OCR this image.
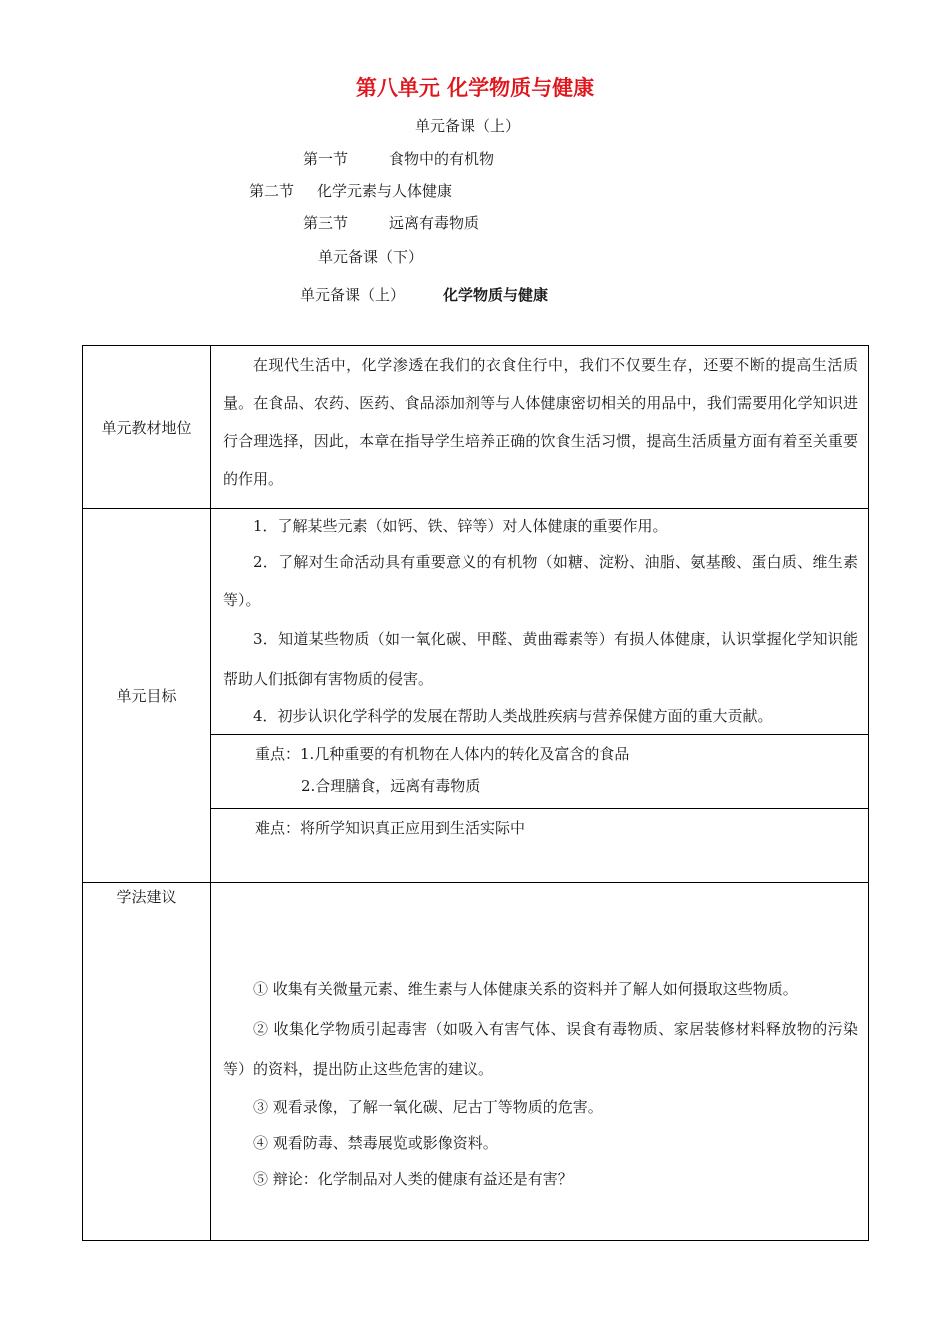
第八单元 化学物质与健康
单元备课（上）
第一节	食物中的有机物
第二节 化学元素与人体健康
第三节	远离有毒物质
单元备课（下）
单元备课（上）	化学物质与健康
单元教材地位	在现代生活中，化学渗透在我们的衣食住行中，我们不仅要生存，还要不断的提高生活质量。在食品、农药、医药、食品添加剂等与人体健康密切相关的用品中，我们需要用化学知识进行合理选择，因此，本章在指导学生培养正确的饮食生活习惯，提高生活质量方面有着至关重要的作用。

单元目标	1．了解某些元素（如钙、铁、锌等）对人体健康的重要作用。

2．了解对生命活动具有重要意义的有机物（如糖、淀粉、油脂、氨基酸、蛋白质、维生素等）。

3．知道某些物质（如一氧化碳、甲醛、黄曲霉素等）有损人体健康，认识掌握化学知识能帮助人们抵御有害物质的侵害。

4．初步认识化学科学的发展在帮助人类战胜疾病与营养保健方面的重大贡献。

	重点：1.几种重要的有机物在人体内的转化及富含的食品
2.合理膳食，远离有毒物质

	难点：将所学知识真正应用到生活实际中

学法建议	① 收集有关微量元素、维生素与人体健康关系的资料并了解人如何摄取这些物质。

② 收集化学物质引起毒害（如吸入有害气体、误食有毒物质、家居装修材料释放物的污染等）的资料，提出防止这些危害的建议。

③ 观看录像，了解一氧化碳、尼古丁等物质的危害。

④ 观看防毒、禁毒展览或影像资料。

⑤ 辩论：化学制品对人类的健康有益还是有害？
